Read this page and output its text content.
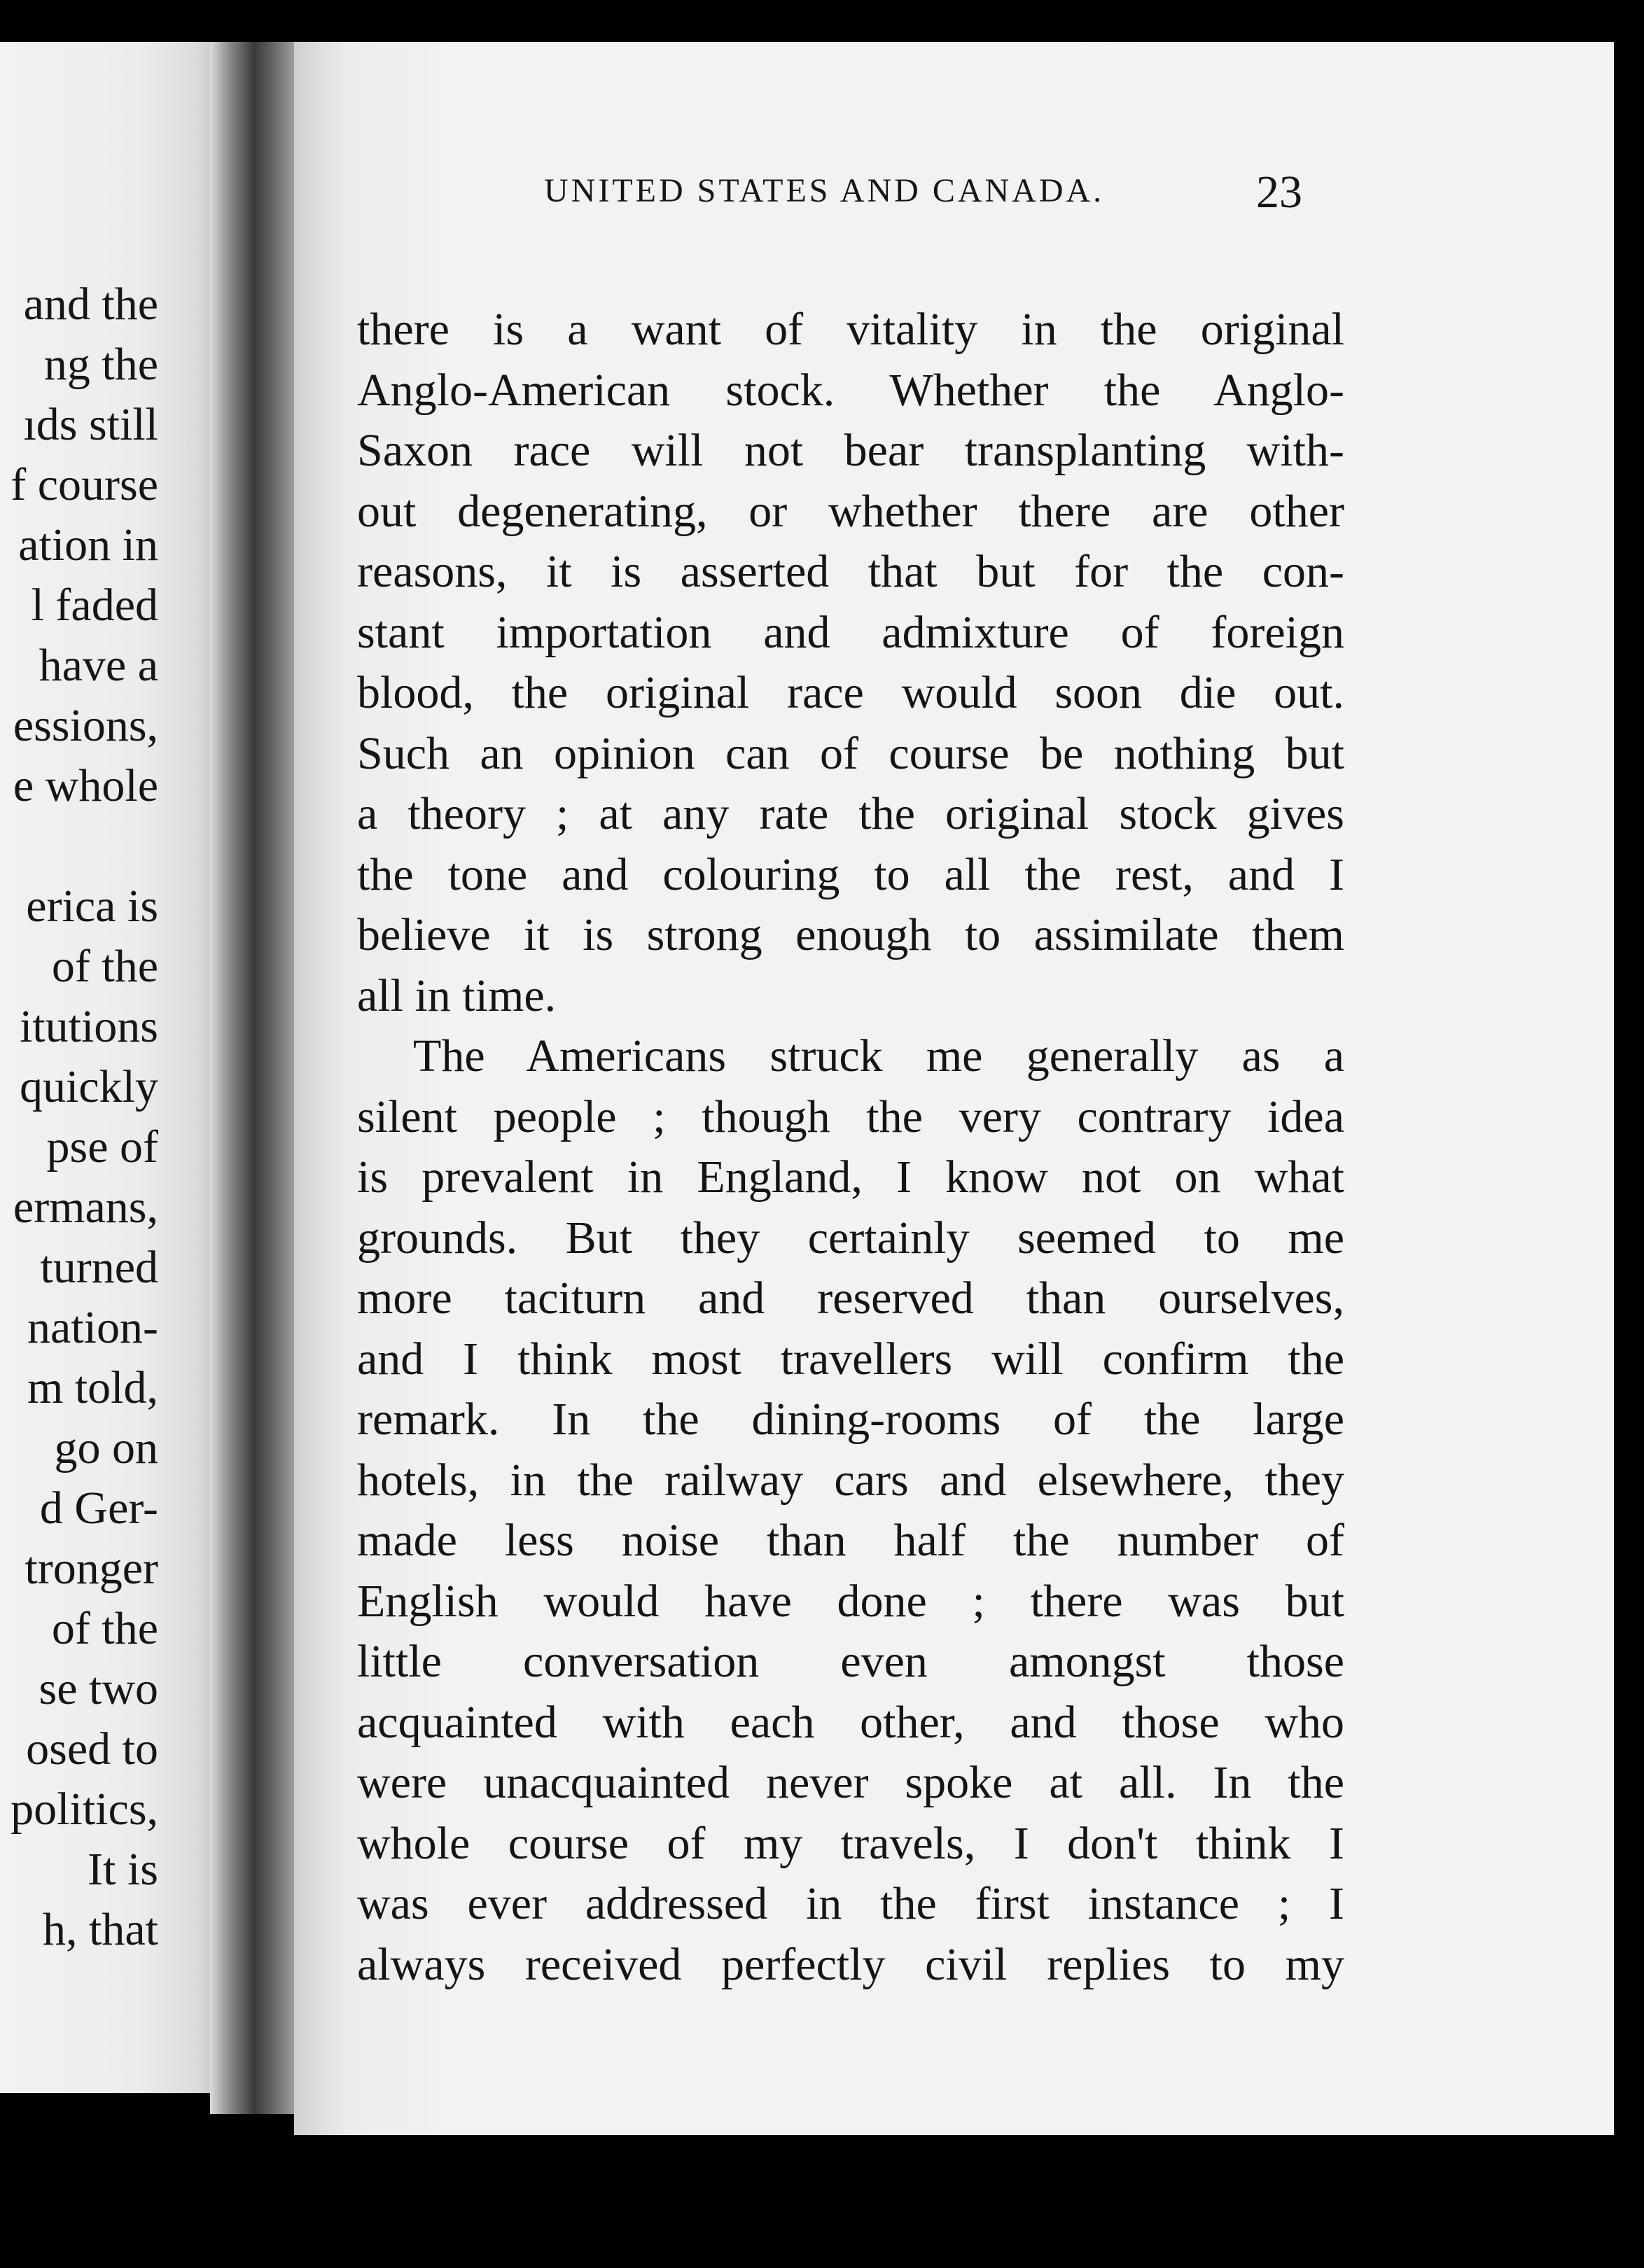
and the
ng the
ıds still
f course
ation in
l faded
have a
essions,
e whole
erica is
of the
itutions
quickly
pse of
ermans,
turned
nation-
m told,
go on
d Ger-
tronger
of the
se two
osed to
politics,
It is
h, that
UNITED STATES AND CANADA.	23
there is a want of vitality in the original
Anglo-American stock. Whether the Anglo-
Saxon race will not bear transplanting with-
out degenerating, or whether there are other
reasons, it is asserted that but for the con-
stant importation and admixture of foreign
blood, the original race would soon die out.
Such an opinion can of course be nothing but
a theory ; at any rate the original stock gives
the tone and colouring to all the rest, and I
believe it is strong enough to assimilate them
all in time.
The Americans struck me generally as a
silent people ; though the very contrary idea
is prevalent in England, I know not on what
grounds. But they certainly seemed to me
more taciturn and reserved than ourselves,
and I think most travellers will confirm the
remark. In the dining-rooms of the large
hotels, in the railway cars and elsewhere, they
made less noise than half the number of
English would have done ; there was but
little conversation even amongst those
acquainted with each other, and those who
were unacquainted never spoke at all. In the
whole course of my travels, I don't think I
was ever addressed in the first instance ; I
always received perfectly civil replies to my
